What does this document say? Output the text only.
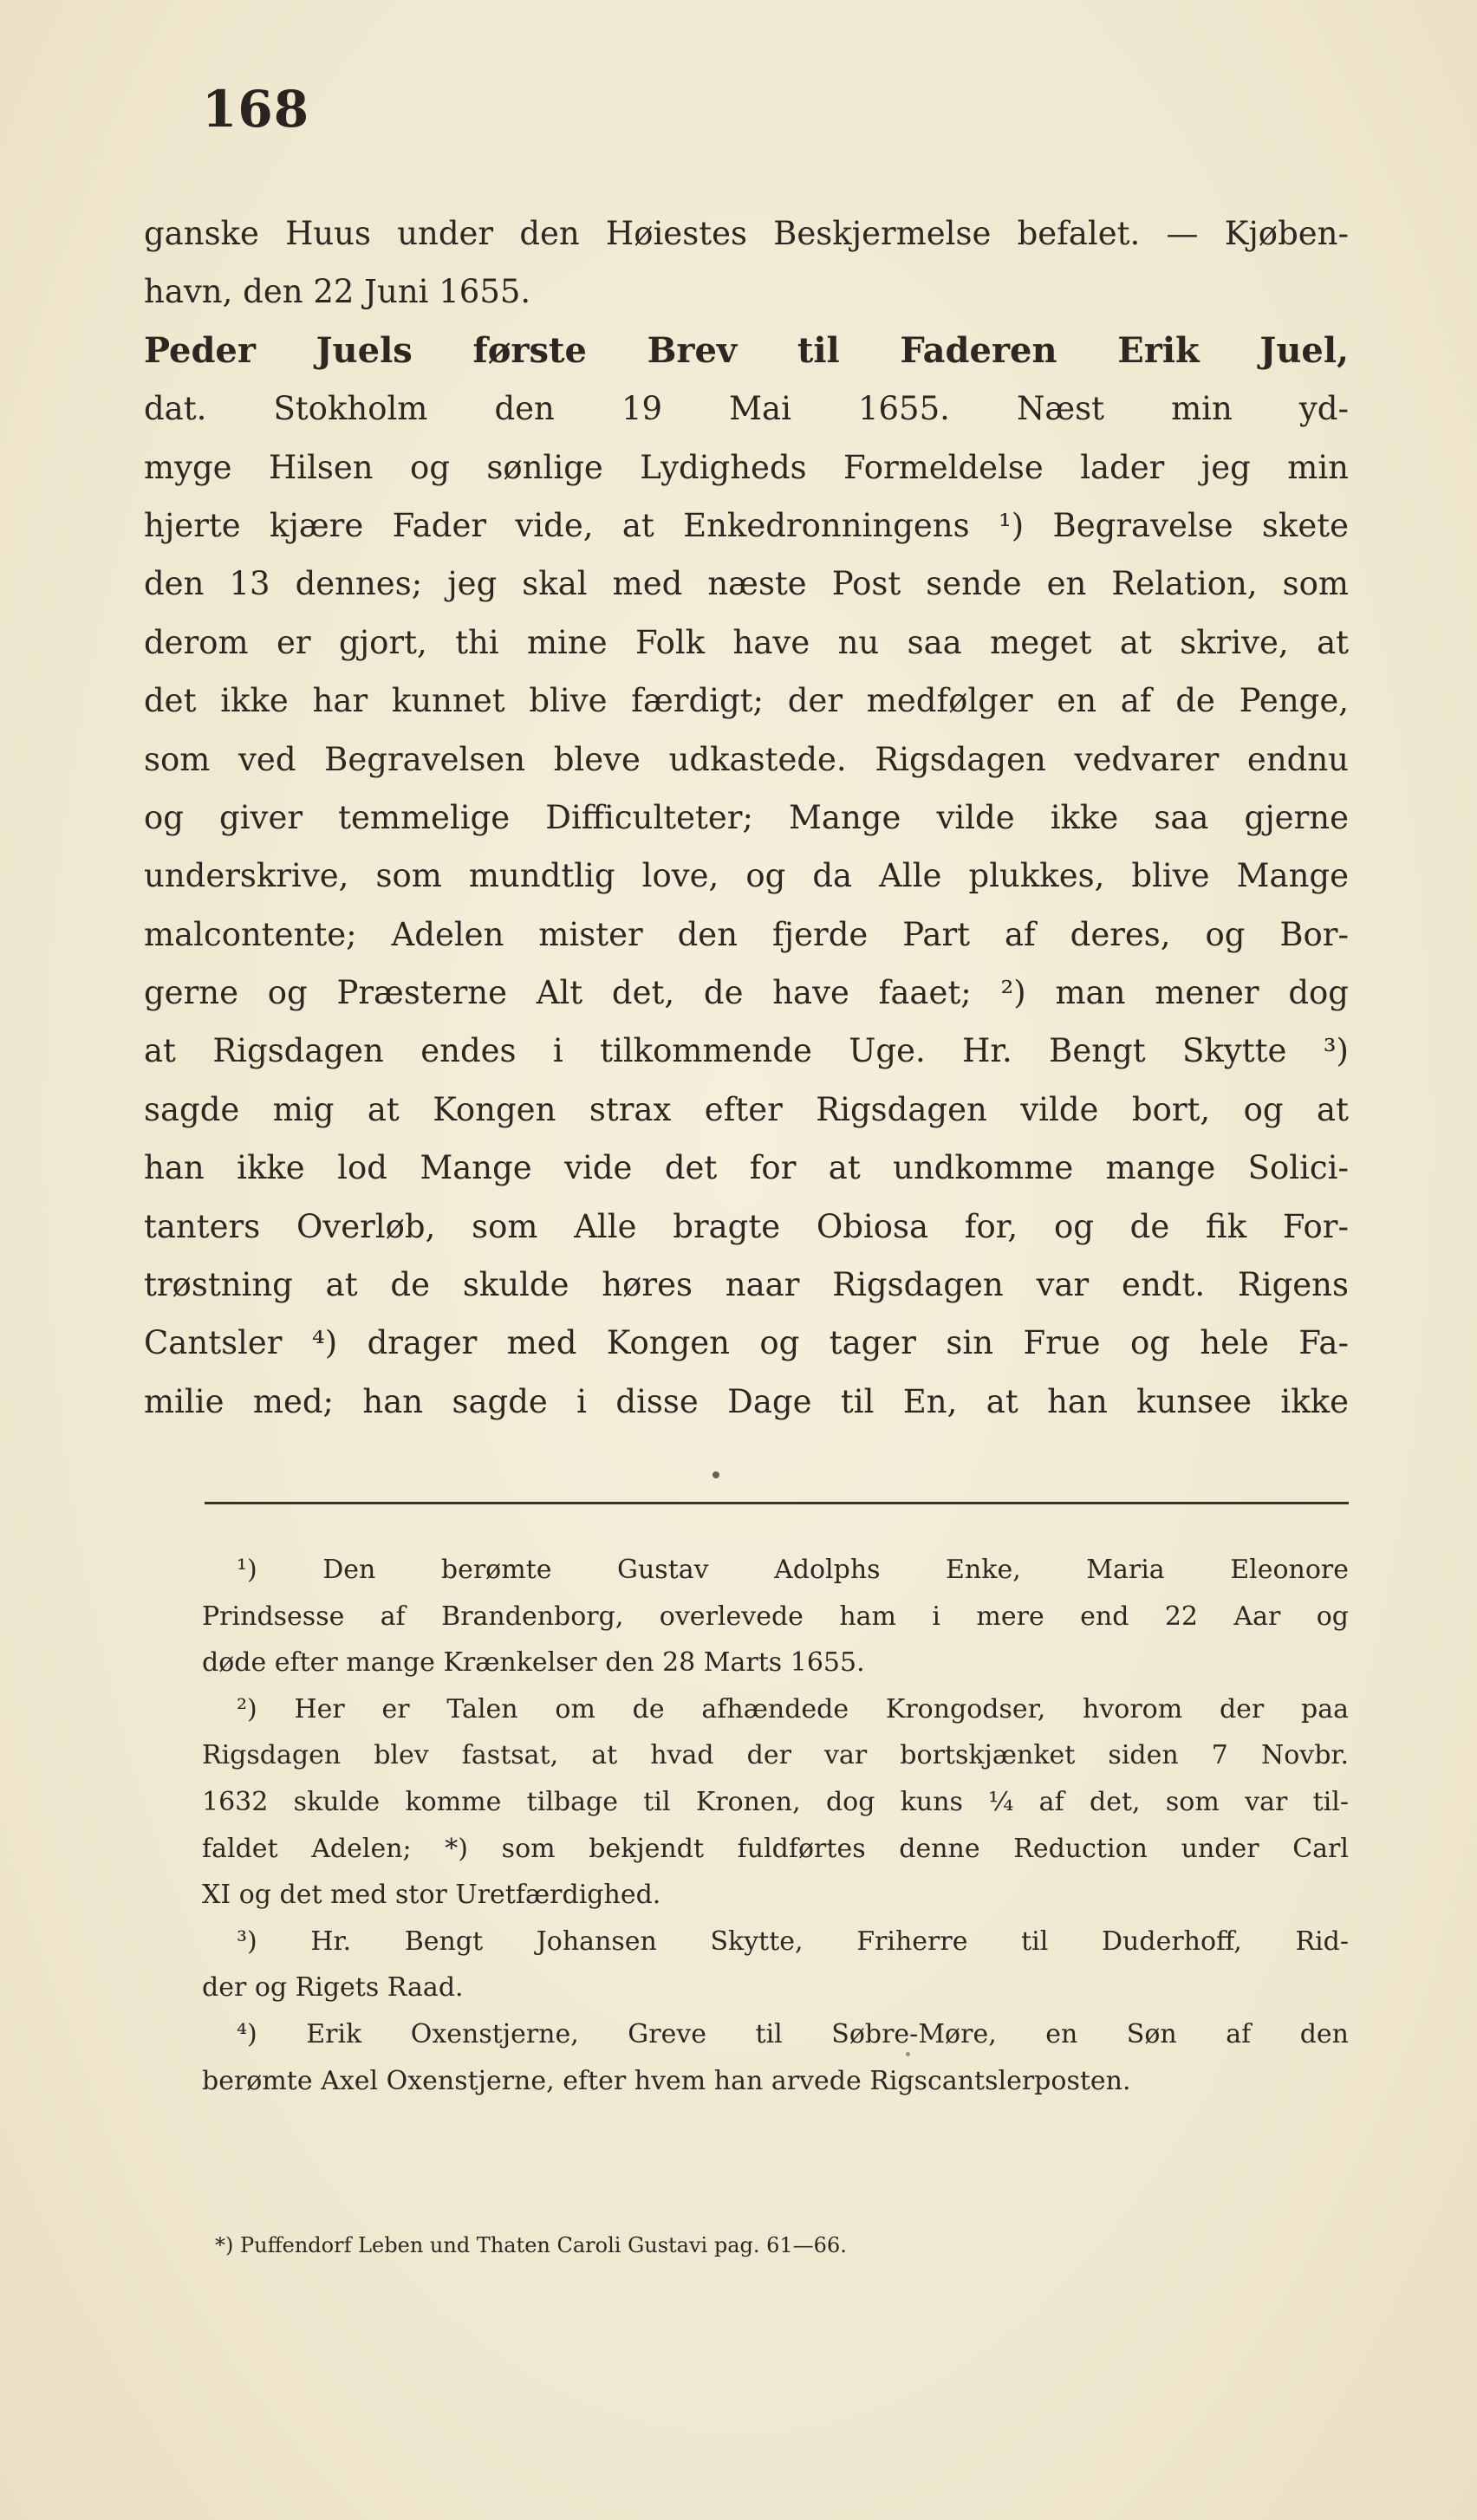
168
ganske Huus under den Høiestes Beskjermelse befalet. — Kjøben-
havn, den 22 Juni 1655.
Peder Juels første Brev til Faderen Erik Juel,
dat. Stokholm den 19 Mai 1655. Næst min yd-
myge Hilsen og sønlige Lydigheds Formeldelse lader jeg min
hjerte kjære Fader vide, at Enkedronningens ¹) Begravelse skete
den 13 dennes; jeg skal med næste Post sende en Relation, som
derom er gjort, thi mine Folk have nu saa meget at skrive, at
det ikke har kunnet blive færdigt; der medfølger en af de Penge,
som ved Begravelsen bleve udkastede. Rigsdagen vedvarer endnu
og giver temmelige Difficulteter; Mange vilde ikke saa gjerne
underskrive, som mundtlig love, og da Alle plukkes, blive Mange
malcontente; Adelen mister den fjerde Part af deres, og Bor-
gerne og Præsterne Alt det, de have faaet; ²) man mener dog
at Rigsdagen endes i tilkommende Uge. Hr. Bengt Skytte ³)
sagde mig at Kongen strax efter Rigsdagen vilde bort, og at
han ikke lod Mange vide det for at undkomme mange Solici-
tanters Overløb, som Alle bragte Obiosa for, og de fik For-
trøstning at de skulde høres naar Rigsdagen var endt. Rigens
Cantsler ⁴) drager med Kongen og tager sin Frue og hele Fa-
milie med; han sagde i disse Dage til En, at han kunsee ikke
¹) Den berømte Gustav Adolphs Enke, Maria Eleonore
Prindsesse af Brandenborg, overlevede ham i mere end 22 Aar og
døde efter mange Krænkelser den 28 Marts 1655.
²) Her er Talen om de afhændede Krongodser, hvorom der paa
Rigsdagen blev fastsat, at hvad der var bortskjænket siden 7 Novbr.
1632 skulde komme tilbage til Kronen, dog kuns ¼ af det, som var til-
faldet Adelen; *) som bekjendt fuldførtes denne Reduction under Carl
XI og det med stor Uretfærdighed.
³) Hr. Bengt Johansen Skytte, Friherre til Duderhoff, Rid-
der og Rigets Raad.
⁴) Erik Oxenstjerne, Greve til Søbre-Møre, en Søn af den
berømte Axel Oxenstjerne, efter hvem han arvede Rigscantslerposten.
*) Puffendorf Leben und Thaten Caroli Gustavi pag. 61—66.
